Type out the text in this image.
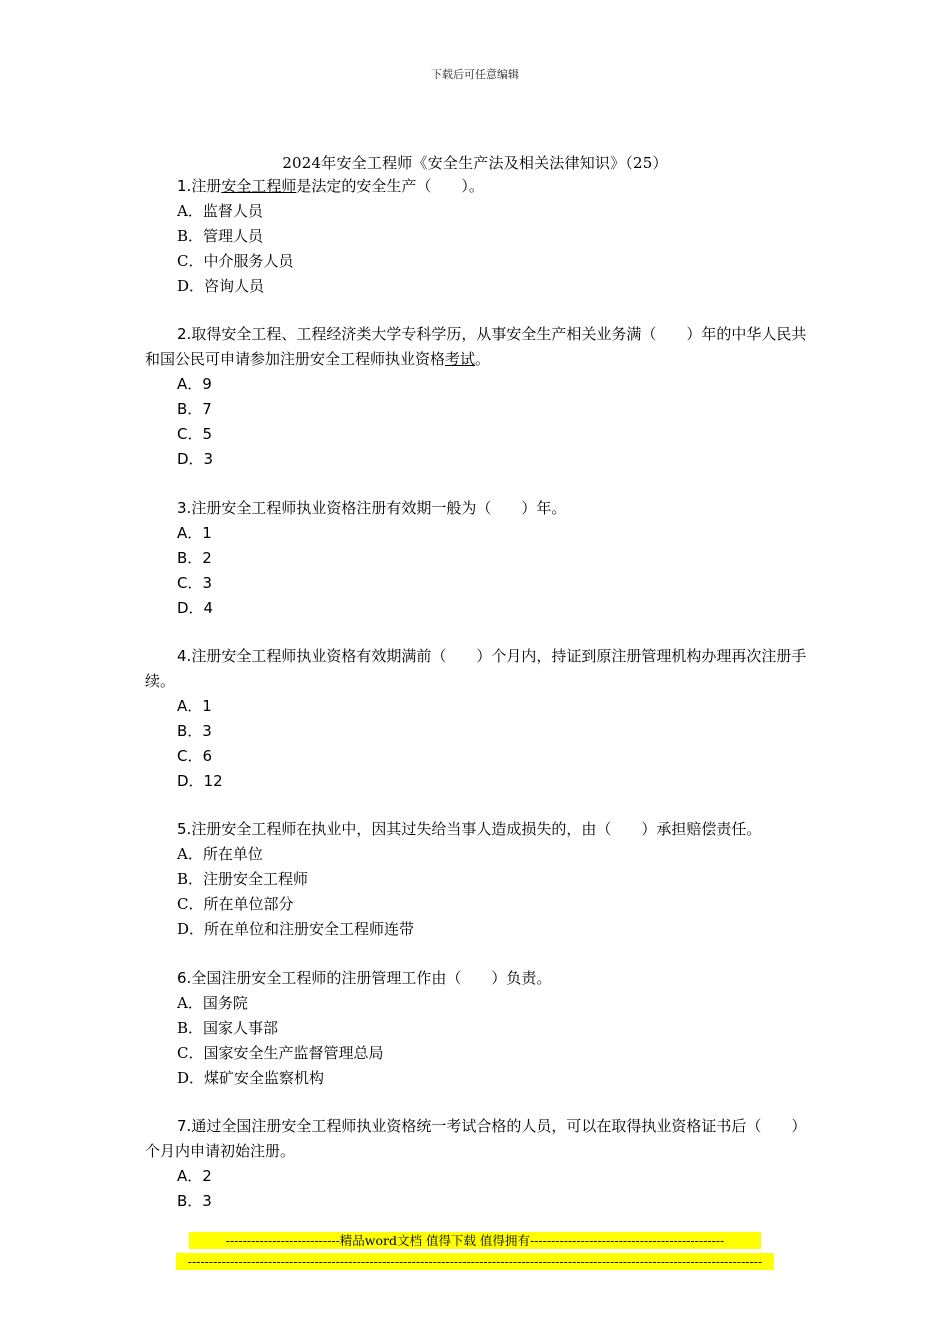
下载后可任意编辑
2024年安全工程师《安全生产法及相关法律知识》（25）
1.注册安全工程师是法定的安全生产（　　）。
A．监督人员
B．管理人员
C．中介服务人员
D．咨询人员
2.取得安全工程、工程经济类大学专科学历，从事安全生产相关业务满（　　）年的中华人民共和国公民可申请参加注册安全工程师执业资格考试。
A．9
B．7
C．5
D．3
3.注册安全工程师执业资格注册有效期一般为（　　）年。
A．1
B．2
C．3
D．4
4.注册安全工程师执业资格有效期满前（　　）个月内，持证到原注册管理机构办理再次注册手续。
A．1
B．3
C．6
D．12
5.注册安全工程师在执业中，因其过失给当事人造成损失的，由（　　）承担赔偿责任。
A．所在单位
B．注册安全工程师
C．所在单位部分
D．所在单位和注册安全工程师连带
6.全国注册安全工程师的注册管理工作由（　　）负责。
A．国务院
B．国家人事部
C．国家安全生产监督管理总局
D．煤矿安全监察机构
7.通过全国注册安全工程师执业资格统一考试合格的人员，可以在取得执业资格证书后（　　）个月内申请初始注册。
A．2
B．3
---------------------------精品word文档 值得下载 值得拥有----------------------------------------------
----------------------------------------------------------------------------------------------------------------------------------------
